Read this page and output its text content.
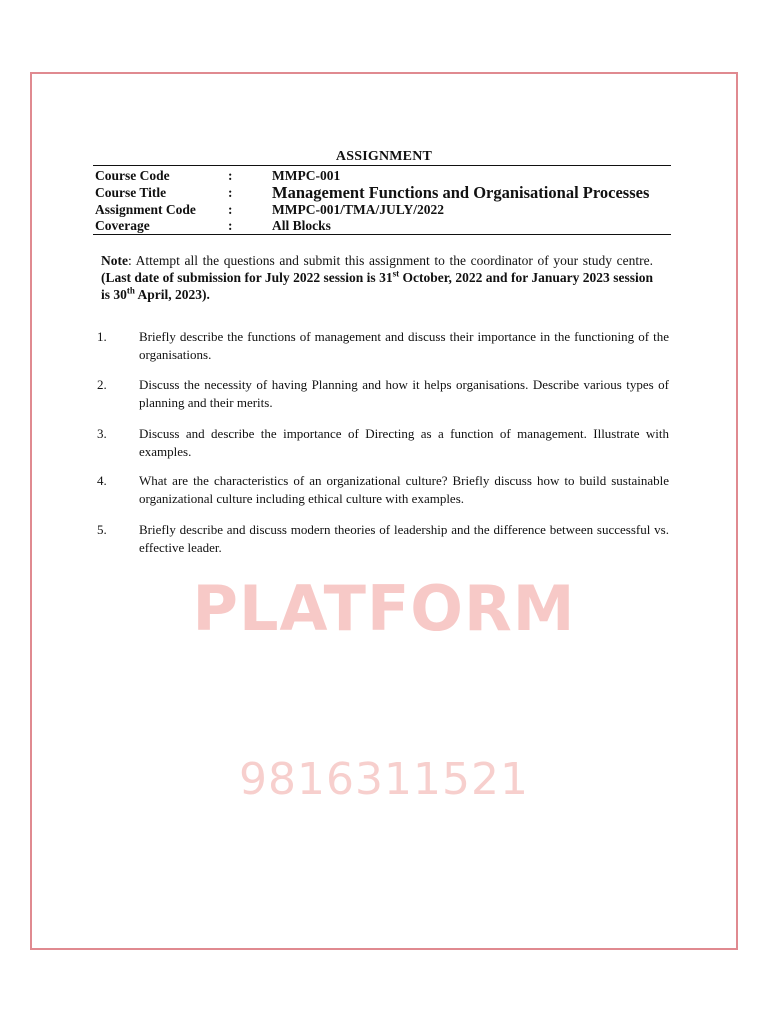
ASSIGNMENT
Course Code	:	MMPC-001
Course Title	: Management Functions and Organisational Processes
Assignment Code :	MMPC-001/TMA/JULY/2022
Coverage	:	All Blocks
Note: Attempt all the questions and submit this assignment to the coordinator of your study centre. (Last date of submission for July 2022 session is 31st October, 2022 and for January 2023 session is 30th April, 2023).
1. Briefly describe the functions of management and discuss their importance in the functioning of the organisations.
2. Discuss the necessity of having Planning and how it helps organisations. Describe various types of planning and their merits.
3. Discuss and describe the importance of Directing as a function of management. Illustrate with examples.
4. What are the characteristics of an organizational culture? Briefly discuss how to build sustainable organizational culture including ethical culture with examples.
5. Briefly describe and discuss modern theories of leadership and the difference between successful vs. effective leader.
PLATFORM
9816311521
